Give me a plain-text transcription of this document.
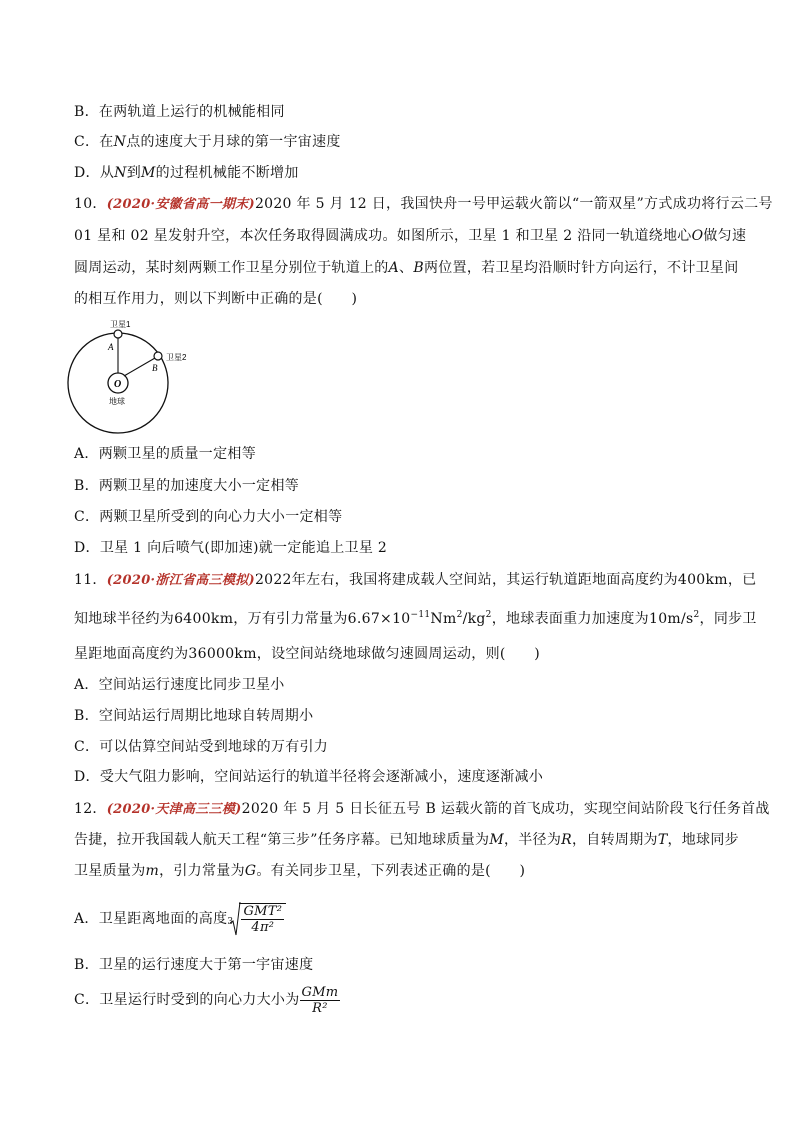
B．在两轨道上运行的机械能相同
C．在N点的速度大于月球的第一宇宙速度
D．从N到M的过程机械能不断增加
10．(2020·安徽省高一期末)2020 年 5 月 12 日，我国快舟一号甲运载火箭以“一箭双星”方式成功将行云二号
01 星和 02 星发射升空，本次任务取得圆满成功。如图所示，卫星 1 和卫星 2 沿同一轨道绕地心O做匀速
圆周运动，某时刻两颗工作卫星分别位于轨道上的A、B两位置，若卫星均沿顺时针方向运行，不计卫星间
的相互作用力，则以下判断中正确的是(　　)
卫星1
卫星2
A
B
O
地球
A．两颗卫星的质量一定相等
B．两颗卫星的加速度大小一定相等
C．两颗卫星所受到的向心力大小一定相等
D．卫星 1 向后喷气(即加速)就一定能追上卫星 2
11．(2020·浙江省高三模拟)2022年左右，我国将建成载人空间站，其运行轨道距地面高度约为400km，已
知地球半径约为6400km，万有引力常量为$6.67\times 10^{-11}Nm^2/kg^2$，地球表面重力加速度为$10m/s^2$，同步卫
星距地面高度约为36000km，设空间站绕地球做匀速圆周运动，则(　　)
A．空间站运行速度比同步卫星小
B．空间站运行周期比地球自转周期小
C．可以估算空间站受到地球的万有引力
D．受大气阻力影响，空间站运行的轨道半径将会逐渐减小，速度逐渐减小
12．(2020·天津高三三模)2020 年 5 月 5 日长征五号 B 运载火箭的首飞成功，实现空间站阶段飞行任务首战
告捷，拉开我国载人航天工程“第三步”任务序幕。已知地球质量为M，半径为R，自转周期为T，地球同步
卫星质量为m，引力常量为G。有关同步卫星，下列表述正确的是(　　)
A．卫星距离地面的高度 $3 \frac{\text{GMT²}}{\text{4π²}}$
B．卫星的运行速度大于第一宇宙速度
C．卫星运行时受到的向心力大小为 $\frac{\text{GMm}}{\text{R²}}$
